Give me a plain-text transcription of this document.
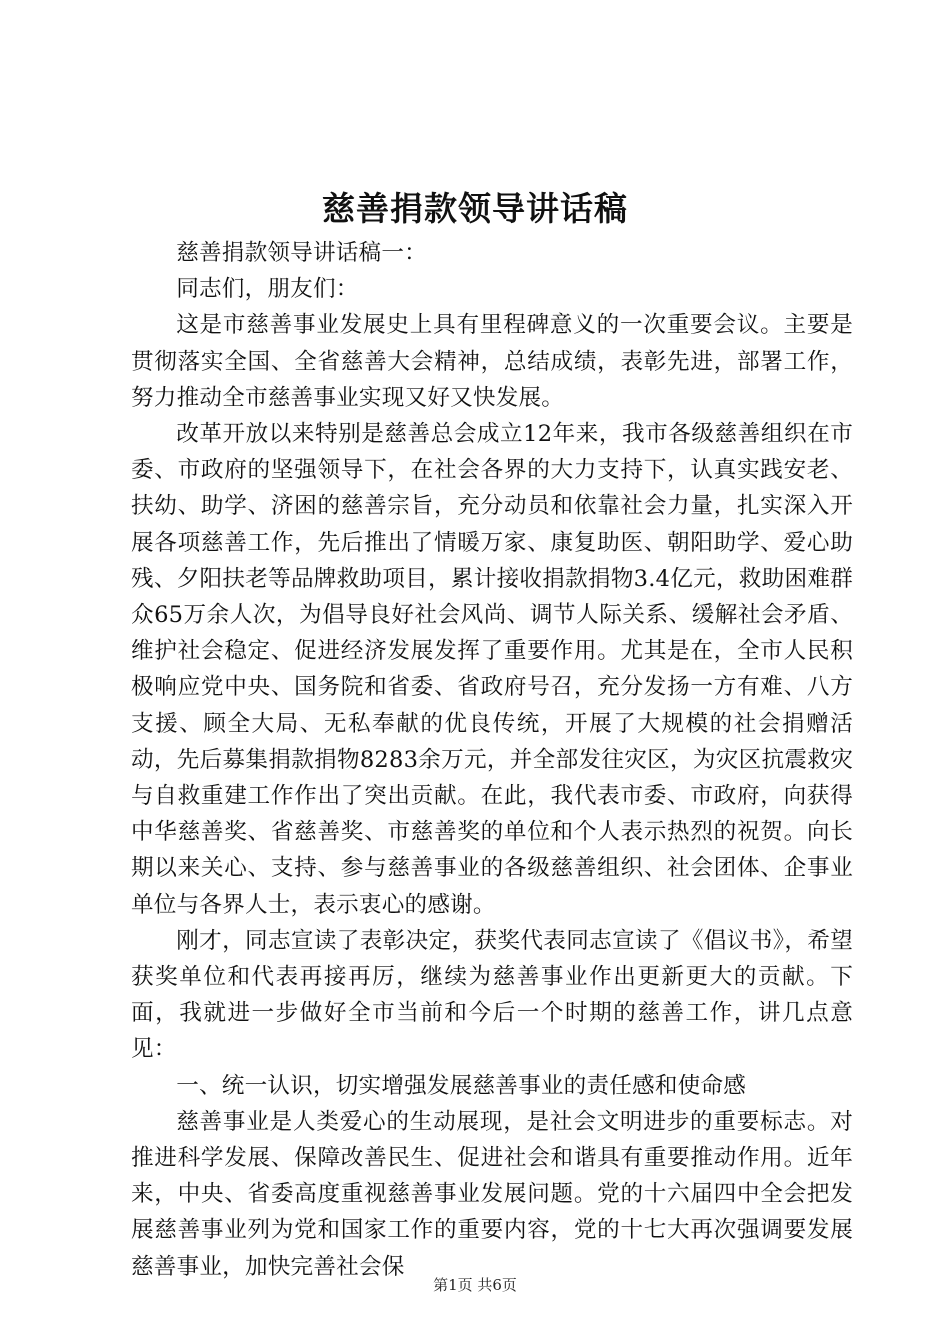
慈善捐款领导讲话稿

慈善捐款领导讲话稿一：

同志们，朋友们：

这是市慈善事业发展史上具有里程碑意义的一次重要会议。主要是贯彻落实全国、全省慈善大会精神，总结成绩，表彰先进，部署工作，努力推动全市慈善事业实现又好又快发展。

改革开放以来特别是慈善总会成立12年来，我市各级慈善组织在市委、市政府的坚强领导下，在社会各界的大力支持下，认真实践安老、扶幼、助学、济困的慈善宗旨，充分动员和依靠社会力量，扎实深入开展各项慈善工作，先后推出了情暖万家、康复助医、朝阳助学、爱心助残、夕阳扶老等品牌救助项目，累计接收捐款捐物3.4亿元，救助困难群众65万余人次，为倡导良好社会风尚、调节人际关系、缓解社会矛盾、维护社会稳定、促进经济发展发挥了重要作用。尤其是在，全市人民积极响应党中央、国务院和省委、省政府号召，充分发扬一方有难、八方支援、顾全大局、无私奉献的优良传统，开展了大规模的社会捐赠活动，先后募集捐款捐物8283余万元，并全部发往灾区，为灾区抗震救灾与自救重建工作作出了突出贡献。在此，我代表市委、市政府，向获得中华慈善奖、省慈善奖、市慈善奖的单位和个人表示热烈的祝贺。向长期以来关心、支持、参与慈善事业的各级慈善组织、社会团体、企事业单位与各界人士，表示衷心的感谢。

刚才，同志宣读了表彰决定，获奖代表同志宣读了《倡议书》，希望获奖单位和代表再接再厉，继续为慈善事业作出更新更大的贡献。下面，我就进一步做好全市当前和今后一个时期的慈善工作，讲几点意见：

一、统一认识，切实增强发展慈善事业的责任感和使命感

慈善事业是人类爱心的生动展现，是社会文明进步的重要标志。对推进科学发展、保障改善民生、促进社会和谐具有重要推动作用。近年来，中央、省委高度重视慈善事业发展问题。党的十六届四中全会把发展慈善事业列为党和国家工作的重要内容，党的十七大再次强调要发展慈善事业，加快完善社会保

第1页 共6页
